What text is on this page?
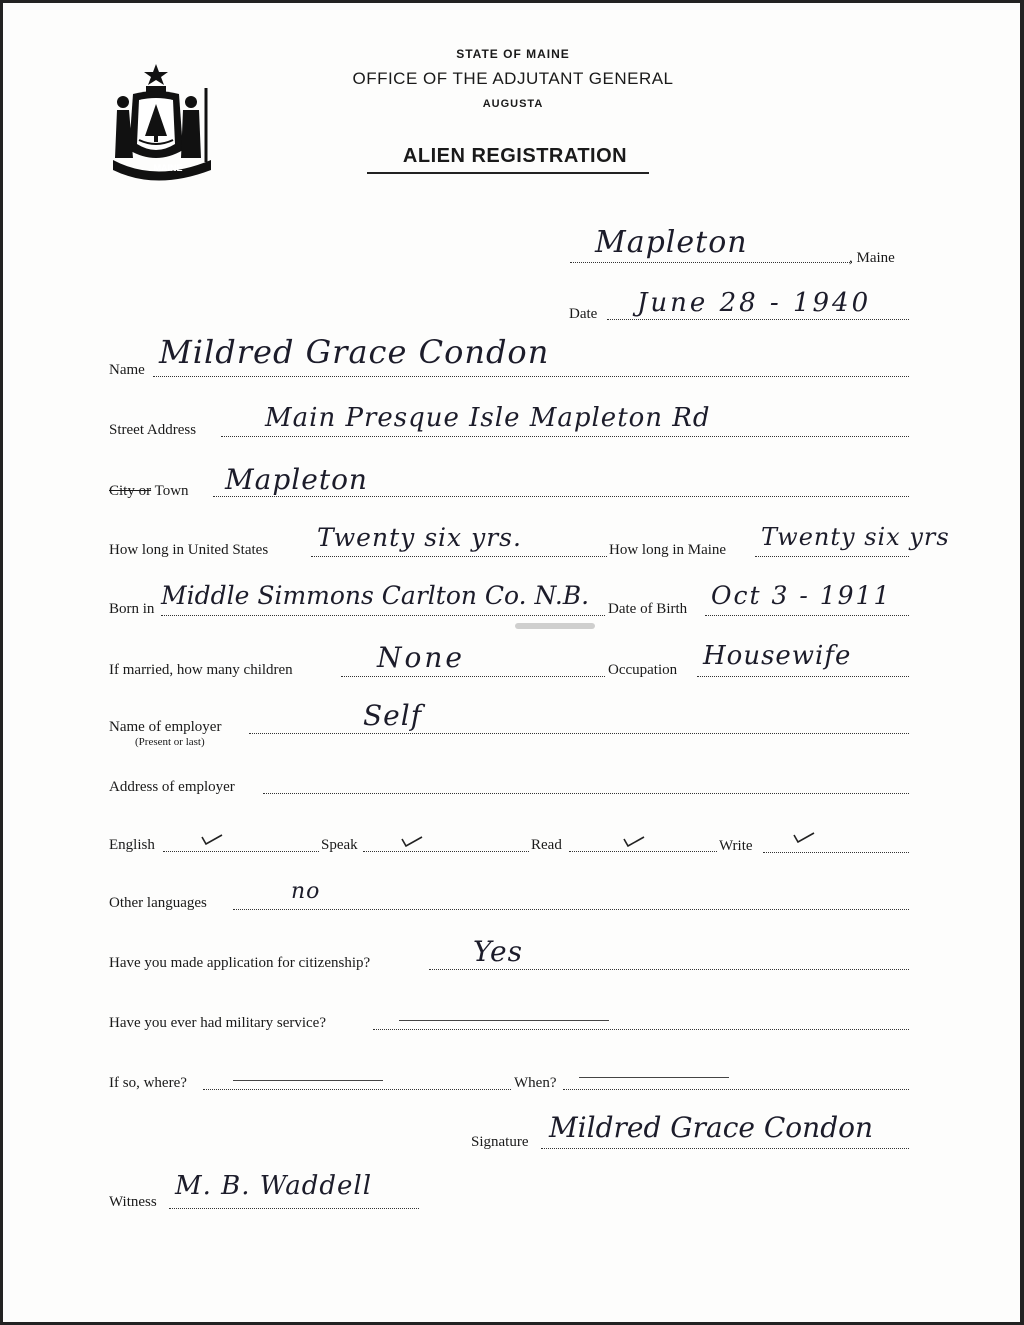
MAINE
STATE OF MAINE
OFFICE OF THE ADJUTANT GENERAL
AUGUSTA
ALIEN REGISTRATION
Mapleton	, Maine
Date June 28 - 1940
Name Mildred Grace Condon
Street Address	Main Presque Isle Mapleton Rd
City or Town Mapleton
How long in United States Twenty six yrs.	How long in Maine Twenty six yrs
Born in Middle Simmons Carlton Co. N.B. Date of Birth Oct 3 - 1911
If married, how many children	None	Occupation Housewife
Name of employer
(Present or last)
Self
Address of employer
English	Speak	Read	Write
Other languages	no
Have you made application for citizenship?	Yes
Have you ever had military service?
If so, where?	When?
Signature Mildred Grace Condon
Witness
M. B. Waddell
